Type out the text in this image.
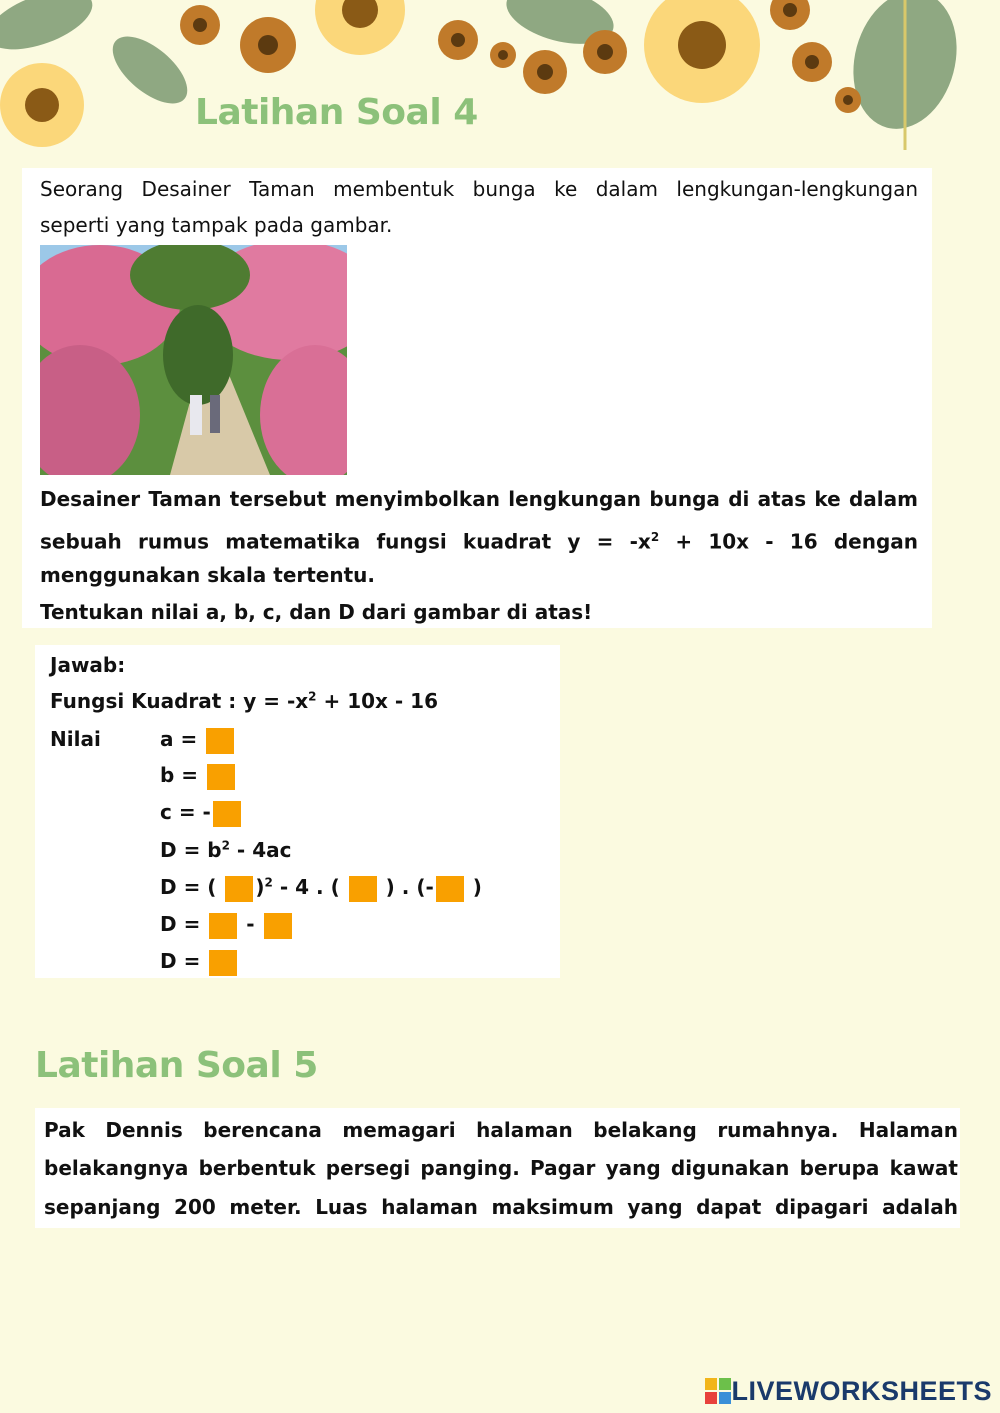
Latihan Soal 4
Seorang Desainer Taman membentuk bunga ke dalam lengkungan-lengkungan
seperti yang tampak pada gambar.
Desainer Taman tersebut menyimbolkan lengkungan bunga di atas ke dalam
sebuah rumus matematika fungsi kuadrat $y = -x^2 + 10x - 16$ dengan
menggunakan skala tertentu.
Tentukan nilai a, b, c, dan D dari gambar di atas!
Jawab:
Fungsi Kuadrat : $y = -x^2 + 10x - 16$
Nilai	a =
b =
c = -
$D = b^2 - 4ac$
D = ( )$^2$ - 4 . ( ) . (- )
D = -
D =
Latihan Soal 5
Pak Dennis berencana memagari halaman belakang rumahnya. Halaman
belakangnya berbentuk persegi panging. Pagar yang digunakan berupa kawat
sepanjang 200 meter. Luas halaman maksimum yang dapat dipagari adalah
LIVEWORKSHEETS
